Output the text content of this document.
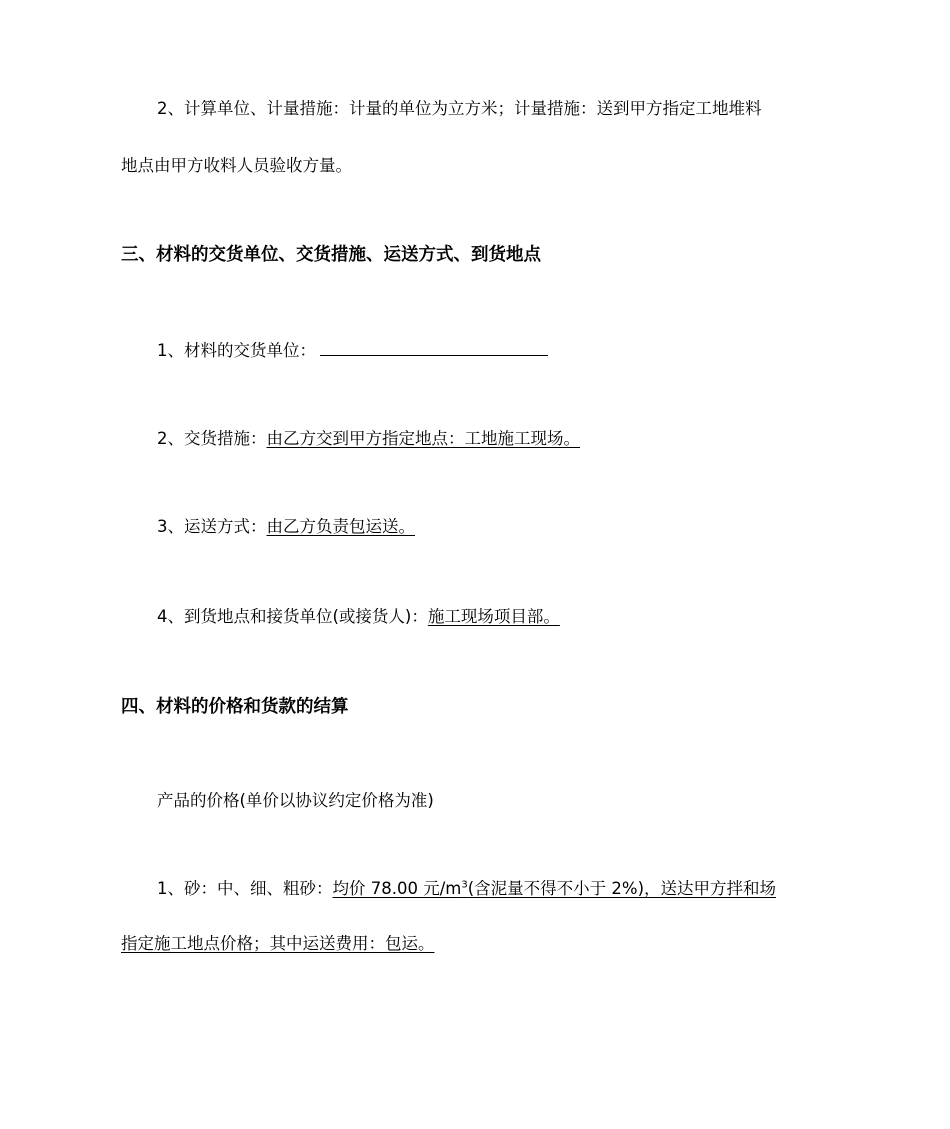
2、计算单位、计量措施：计量的单位为立方米；计量措施：送到甲方指定工地堆料
地点由甲方收料人员验收方量。
三、材料的交货单位、交货措施、运送方式、到货地点
1、材料的交货单位：
2、交货措施：由乙方交到甲方指定地点：工地施工现场。
3、运送方式：由乙方负责包运送。
4、到货地点和接货单位(或接货人)：施工现场项目部。
四、材料的价格和货款的结算
产品的价格(单价以协议约定价格为准)
1、砂：中、细、粗砂：均价 78.00 元$/m^3$(含泥量不得不小于 2%)，送达甲方拌和场
指定施工地点价格；其中运送费用：包运。
